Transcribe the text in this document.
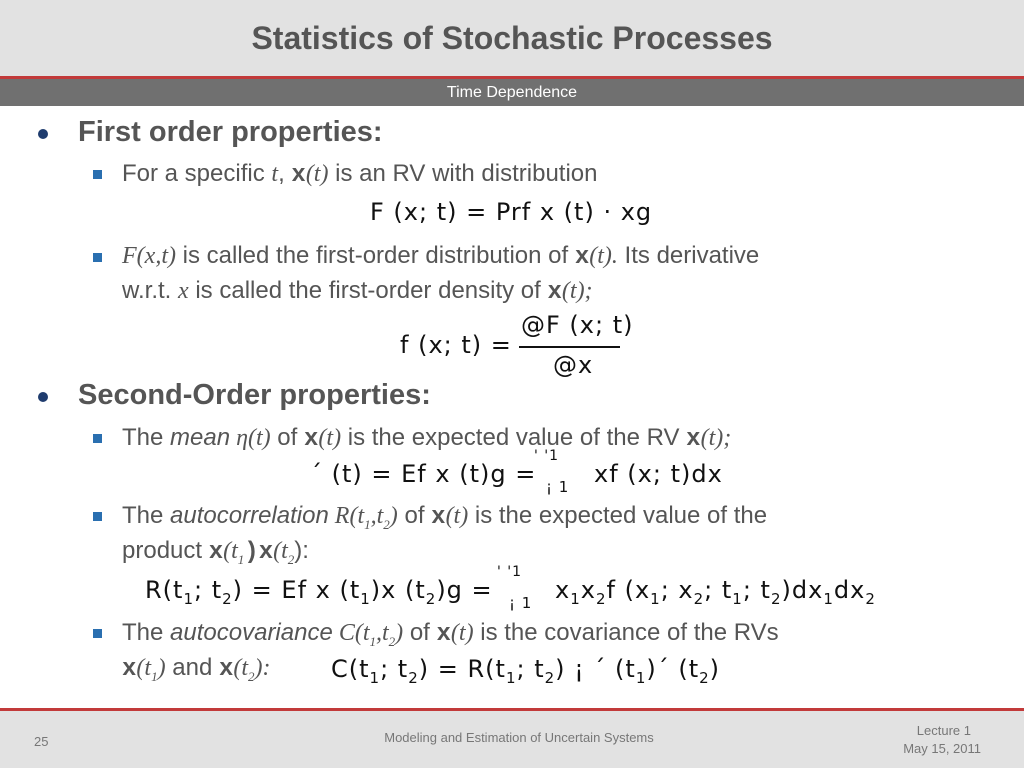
Statistics of Stochastic Processes
Time Dependence
First order properties:
For a specific t, x(t) is an RV with distribution
F (x; t) = Prf x (t) · xg
F(x,t) is called the first-order distribution of x(t). Its derivative
w.r.t. x is called the first-order density of x(t);
f (x; t) =
@F (x; t)
@x
Second-Order properties:
The mean η(t) of x(t) is the expected value of the RV x(t);
´ (t) = Ef x (t)g =
' '1
¡ 1 xf (x; t)dx
The autocorrelation $R(t_1,t_2)$ of x(t) is the expected value of the
product $x(t_1)x(t_2)$:
$R(t_1$; $t_2) = Ef$ x $(t_1)x$ $(t_2)g$ =
' '1
¡ 1 $x_1x_2f$ ($x_1$; $x_2$; $t_1$; $t_2)dx_1dx_2$
The autocovariance $C(t_1,t_2)$ of x(t) is the covariance of the RVs
$x(t_1)$ and $x(t_2)$:	$C(t_1$; $t_2) = R(t_1$; $t_2$) ¡ ´ $(t_1)´$ $(t_2)$
25	Modeling and Estimation of Uncertain Systems	Lecture 1
May 15, 2011
